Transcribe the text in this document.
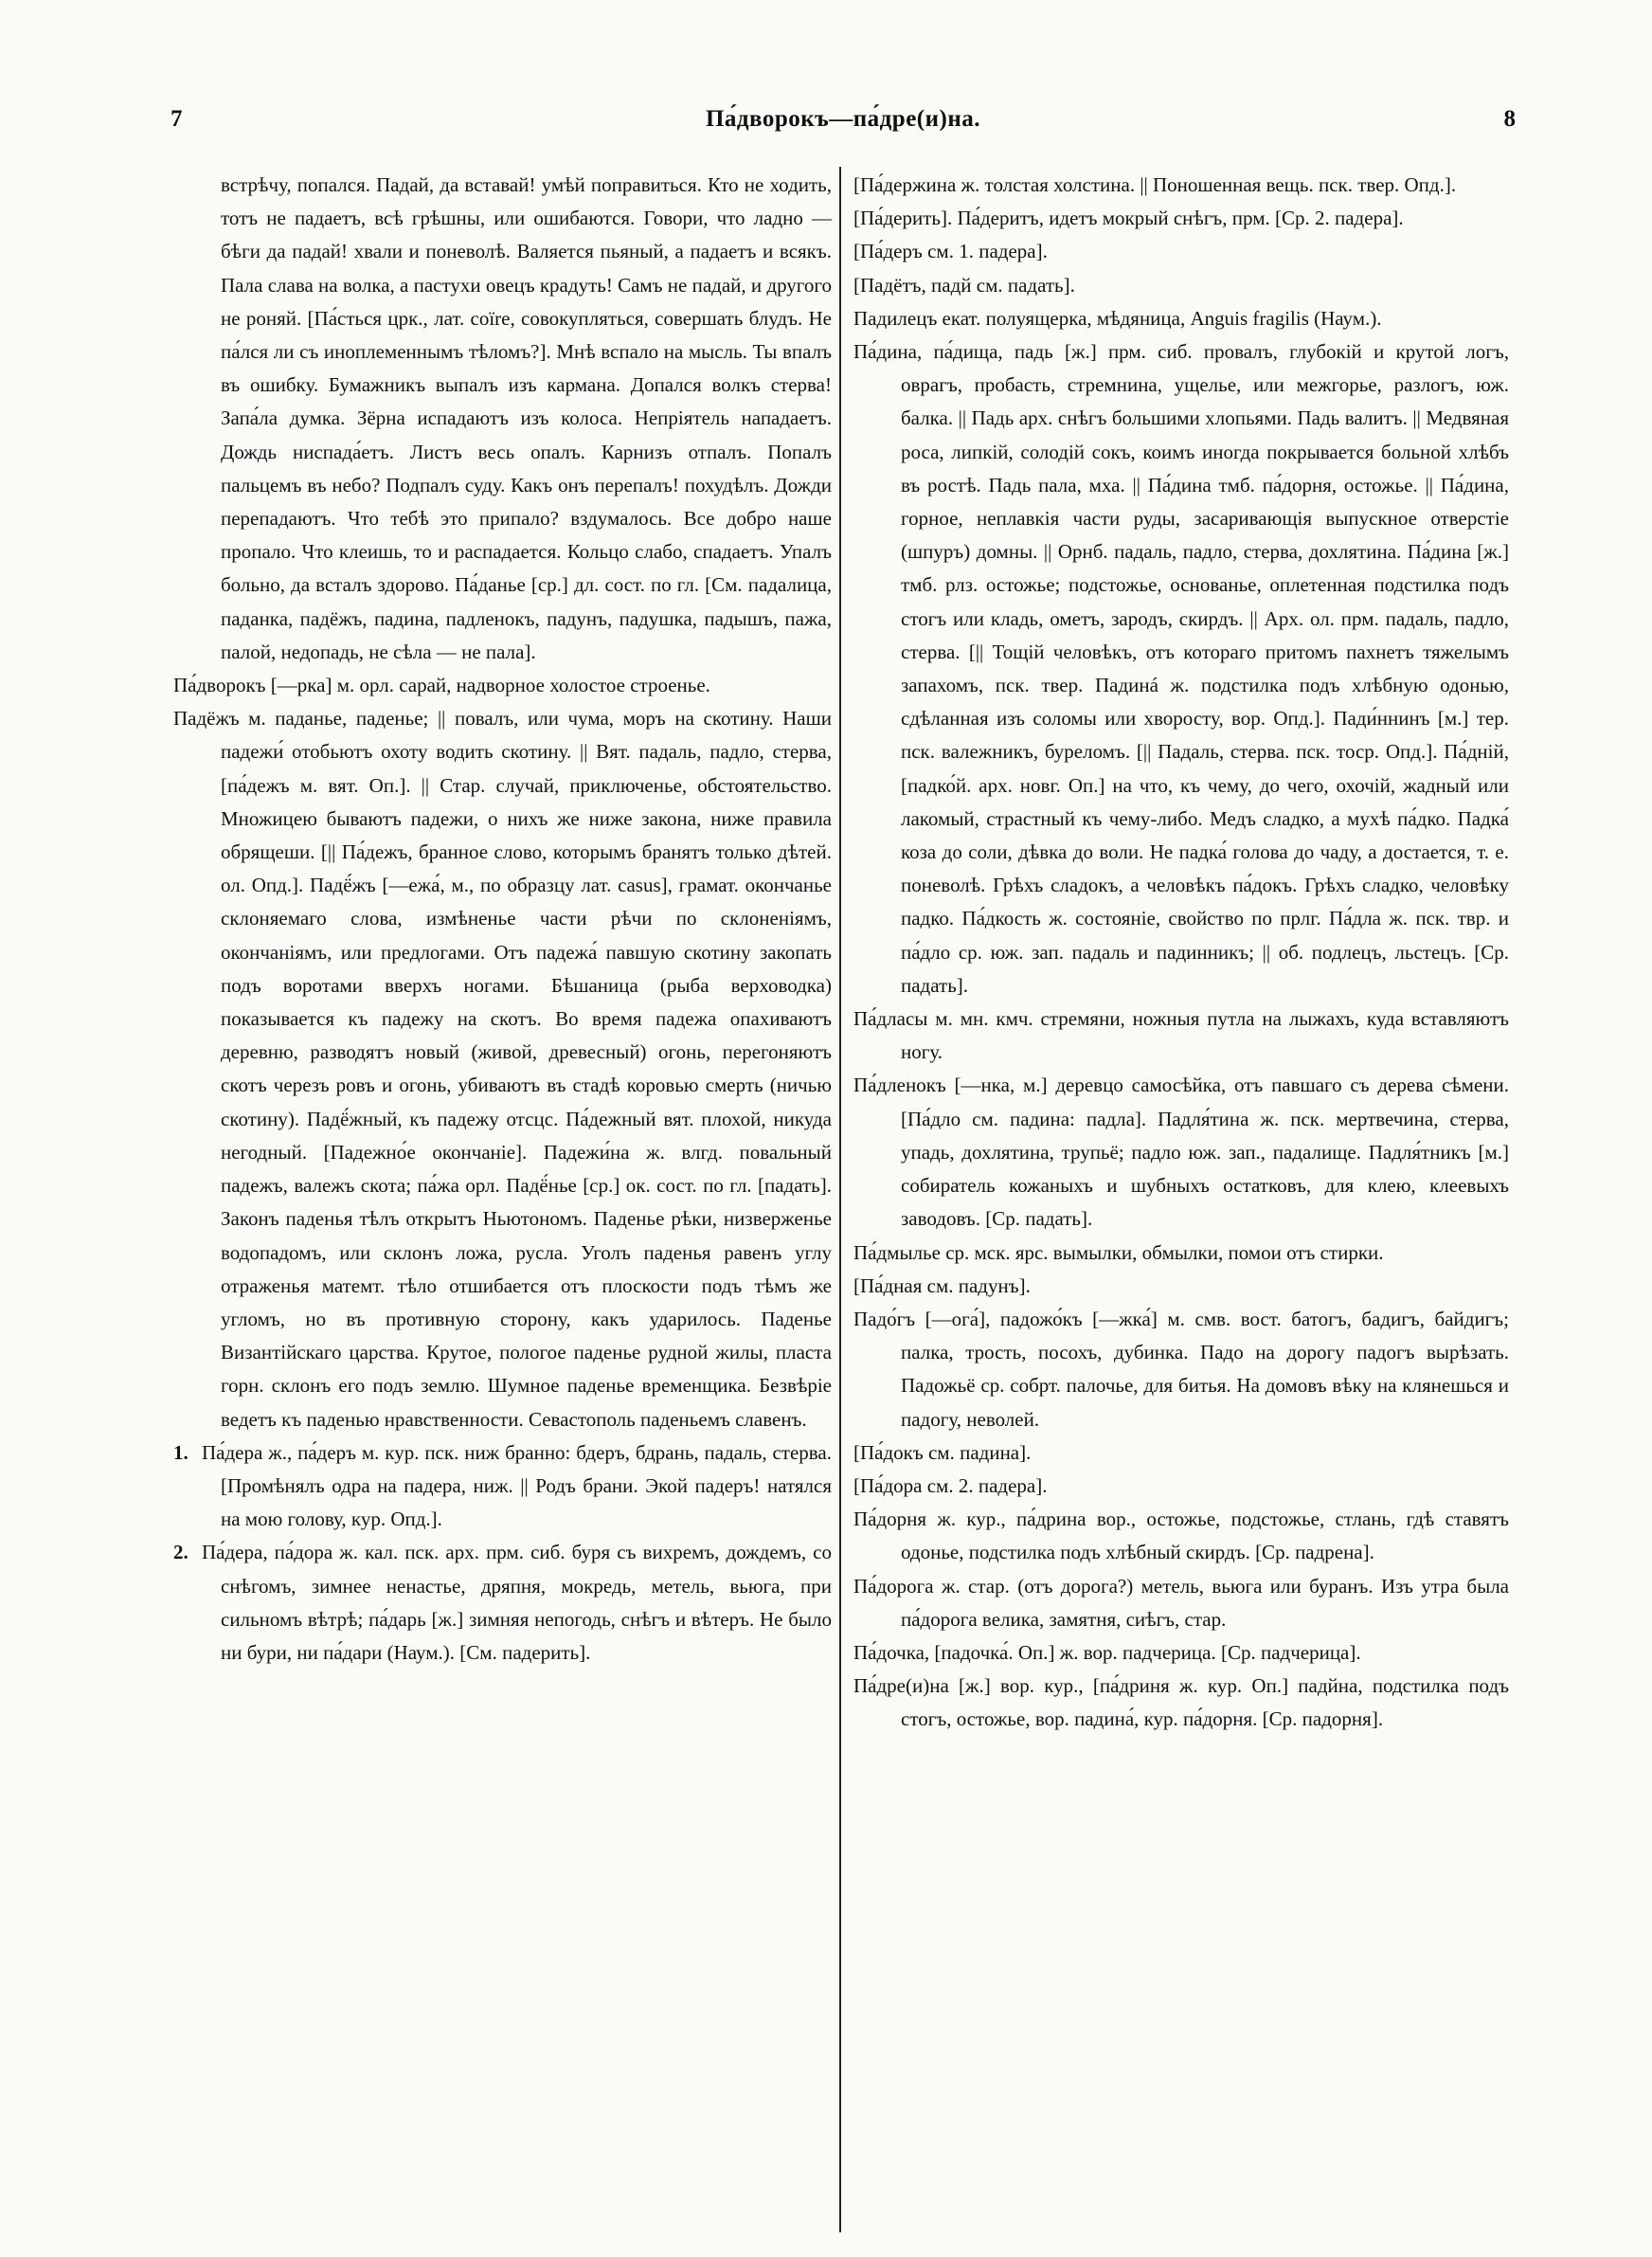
7	Па́дворокъ—па́дре(и)на.	8

встрѣчу, попался. Падай, да вставай! умѣй поправиться. Кто не ходить, тотъ не падаетъ, всѣ грѣшны, или ошибаются. Говори, что ладно — бѣги да падай! хвали и поневолѣ. Валяется пьяный, а падаетъ и всякъ. Пала слава на волка, а пастухи овецъ крадуть! Самъ не падай, и другого не роняй. [Па́сться црк., лат. coïre, совокупляться, совершать блудъ. Не па́лся ли съ иноплеменнымъ тѣломъ?]. Мнѣ вспало на мысль. Ты впалъ въ ошибку. Бумажникъ выпалъ изъ кармана. Допался волкъ стерва! Запа́ла думка. Зёрна испадаютъ изъ колоса. Непріятель нападаетъ. Дождь ниспада́етъ. Листъ весь опалъ. Карнизъ отпалъ. Попалъ пальцемъ въ небо? Подпалъ суду. Какъ онъ перепалъ! похудѣлъ. Дожди перепадаютъ. Что тебѣ это припало? вздумалось. Все добро наше пропало. Что клеишь, то и распадается. Кольцо слабо, спадаетъ. Упалъ больно, да всталъ здорово. Па́даньe [ср.] дл. сост. по гл. [См. падалица, паданка, падёжъ, падина, падленокъ, падунъ, падушка, падышъ, пажа, палой, недопадь, не сѣла — не пала].

Па́дворокъ [—рка] м. орл. сарай, надворное холостое строенье.

Падёжъ м. паданье, паденье; || повалъ, или чума, моръ на скотину. Наши падежи́ отобьютъ охоту водить скотину. || Вят. падаль, падло, стерва, [па́дежъ м. вят. Оп.]. || Стар. случай, приключенье, обстоятельство. Множицею бываютъ падежи, о нихъ же ниже закона, ниже правила обрящеши. [|| Па́дежъ, бранное слово, которымъ бранятъ только дѣтей. ол. Опд.]. Падё́жъ [—ежа́, м., по образцу лат. casus], грамат. окончанье склоняемаго слова, измѣненье части рѣчи по склоненіямъ, окончаніямъ, или предлогами. Отъ падежа́ павшую скотину закопать подъ воротами вверхъ ногами. Бѣшаница (рыба верховодка) показывается къ падежу на скотъ. Во время падежа опахиваютъ деревню, разводятъ новый (живой, древесный) огонь, перегоняютъ скотъ черезъ ровъ и огонь, убиваютъ въ стадѣ коровью смерть (ничью скотину). Падё́жный, къ падежу отсцс. Па́дежный вят. плохой, никуда негодный. [Падежно́е окончаніе]. Падежи́на ж. влгд. повальный падежъ, валежъ скота; па́жа орл. Падё́нье [ср.] ок. сост. по гл. [падать]. Законъ паденья тѣлъ открытъ Ньютономъ. Паденье рѣки, низверженье водопадомъ, или склонъ ложа, русла. Уголъ паденья равенъ углу отраженья матемт. тѣло отшибается отъ плоскости подъ тѣмъ же угломъ, но въ противную сторону, какъ ударилось. Паденье Византійскаго царства. Крутое, пологое паденье рудной жилы, пласта горн. склонъ его подъ землю. Шумное паденье временщика. Безвѣріе ведетъ къ паденью нравственности. Севастополь паденьемъ славенъ.

1. Па́дера ж., па́деръ м. кур. пск. ниж бранно: бдеръ, бдрань, падаль, стерва. [Промѣнялъ одра на падера, ниж. || Родъ брани. Экой падеръ! натялся на мою голову, кур. Опд.].

2. Па́дера, па́дора ж. кал. пск. арх. прм. сиб. буря съ вихремъ, дождемъ, со снѣгомъ, зимнее ненастье, дряпня, мокредь, метель, вьюга, при сильномъ вѣтрѣ; па́дарь [ж.] зимняя непогодь, снѣгъ и вѣтеръ. Не было ни бури, ни па́дари (Наум.). [См. падерить].

[Па́держина ж. толстая холстина. || Поношенная вещь. пск. твер. Опд.].

[Па́дерить]. Па́деритъ, идетъ мокрый снѣгъ, прм. [Ср. 2. падера].

[Па́деръ см. 1. падера].

[Падётъ, падй см. падать].

Падилецъ екат. полуящерка, мѣдяница, Anguis fragilis (Наум.).

Па́дина, па́дища, падь [ж.] прм. сиб. провалъ, глубокій и крутой логъ, оврагъ, пробасть, стремнина, ущелье, или межгорье, разлогъ, юж. балка. || Падь арх. снѣгъ большими хлопьями. Падь валитъ. || Медвяная роса, липкій, солодій сокъ, коимъ иногда покрывается больной хлѣбъ въ ростѣ. Падь пала, мха. || Па́дина тмб. па́дорня, остожье. || Па́дина, горное, неплавкія части руды, засаривающія выпускное отверстіе (шпуръ) домны. || Орнб. падаль, падло, стерва, дохлятина. Па́дина [ж.] тмб. рлз. остожье; подстожье, основанье, оплетенная подстилка подъ стогъ или кладь, ометъ, зародъ, скирдъ. || Арх. ол. прм. падаль, падло, стерва. [|| Тощій человѣкъ, отъ котораго притомъ пахнетъ тяжелымъ запахомъ, пск. твер. Падинá ж. подстилка подъ хлѣбную одонью, сдѣланная изъ соломы или хворосту, вор. Опд.]. Пади́ннинъ [м.] тер. пск. валежникъ, буреломъ. [|| Падаль, стерва. пск. тоср. Опд.]. Па́дній, [падко́й. арх. новг. Оп.] на что, къ чему, до чего, охочій, жадный или лакомый, страстный къ чему-либо. Медъ сладко, а мухѣ па́дко. Падка́ коза до соли, дѣвка до воли. Не падка́ голова до чаду, а достается, т. е. поневолѣ. Грѣхъ сладокъ, а человѣкъ па́докъ. Грѣхъ сладко, человѣку падко. Па́дкость ж. состояніе, свойство по прлг. Па́дла ж. пск. твр. и па́дло ср. юж. зап. падаль и падинникъ; || об. подлецъ, льстецъ. [Ср. падать].

Па́дласы м. мн. кмч. стремяни, ножныя путла на лыжахъ, куда вставляютъ ногу.

Па́дленокъ [—нка, м.] деревцо самосѣйка, отъ павшаго съ дерева сѣмени. [Па́дло см. падина: падла]. Падля́тина ж. пск. мертвечина, стерва, упадь, дохлятина, трупьё; падло юж. зап., падалище. Падля́тникъ [м.] собиратель кожаныхъ и шубныхъ остатковъ, для клею, клеевыхъ заводовъ. [Ср. падать].

Па́дмылье ср. мск. ярс. вымылки, обмылки, помои отъ стирки.

[Па́дная см. падунъ].

Падо́гъ [—ога́], падожо́къ [—жка́] м. смв. вост. батогъ, бадигъ, байдигъ; палка, трость, посохъ, дубинка. Падо на дорогу падогъ вырѣзать. Падожьё ср. собрт. палочье, для битья. На домовъ вѣку на клянешься и падогу, неволей.

[Па́докъ см. падина].

[Па́дора см. 2. падера].

Па́дорня ж. кур., па́дрина вор., остожье, подстожье, стлань, гдѣ ставятъ одонье, подстилка подъ хлѣбный скирдъ. [Ср. падрена].

Па́дорога ж. стар. (отъ дорога?) метель, вьюга или буранъ. Изъ утра была па́дорога велика, замятня, сиѣгъ, стар.

Па́дочка, [падочка́. Оп.] ж. вор. падчерица. [Ср. падчерица].

Па́дре(и)на [ж.] вор. кур., [па́дриня ж. кур. Оп.] падйна, подстилка подъ стогъ, остожье, вор. падина́, кур. па́дорня. [Ср. падорня].
